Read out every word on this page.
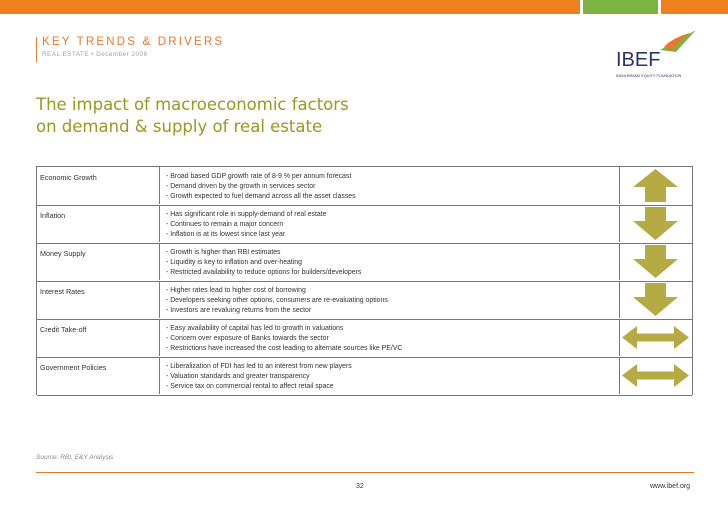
KEY TRENDS & DRIVERS
REAL ESTATE • December 2008	IBEF
INDIA BRAND EQUITY FOUNDATION
The impact of macroeconomic factors
on demand & supply of real estate
Economic Growth	- Broad based GDP growth rate of 8-9 % per annum forecast
- Demand driven by the growth in services sector
- Growth expected to fuel demand across all the asset classes
Inflation	- Has significant role in supply-demand of real estate
- Continues to remain a major concern
- Inflation is at its lowest since last year
Money Supply	- Growth is higher than RBI estimates
- Liquidity is key to inflation and over-heating
- Restricted availability to reduce options for builders/developers
Interest Rates	- Higher rates lead to higher cost of borrowing
- Developers seeking other options, consumers are re-evaluating options
- Investors are revaluing returns from the sector
Credit Take-off	- Easy availability of capital has led to growth in valuations
- Concern over exposure of Banks towards the sector
- Restrictions have increased the cost leading to alternate sources like PE/VC
Government Policies	- Liberalization of FDI has led to an interest from new players
- Valuation standards and greater transparency
- Service tax on commercial rental to affect retail space
Source: RBI, E&Y Analysis
32	www.ibef.org
